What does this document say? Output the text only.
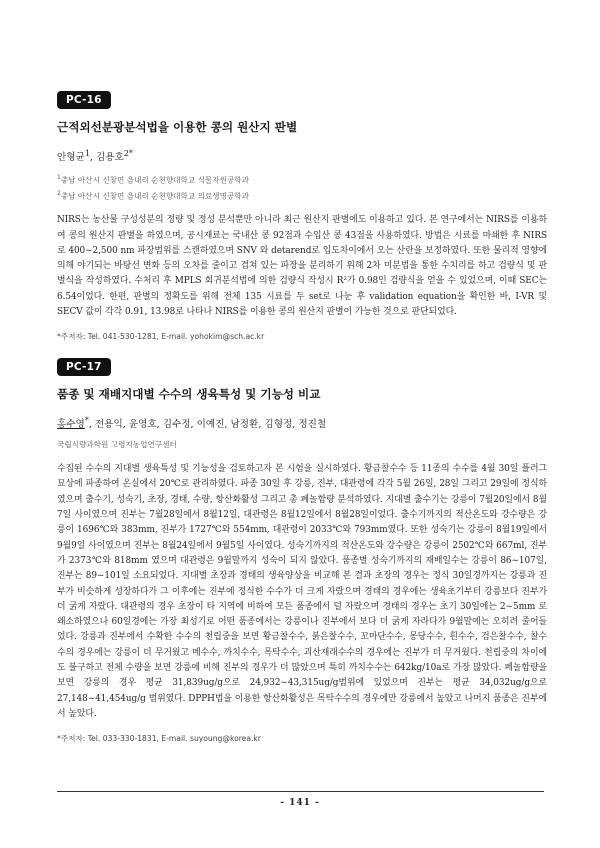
PC-16
근적외선분광분석법을 이용한 콩의 원산지 판별
안형균$^1$, 김용호$^{2*}$
$^1$충남 아산시 신창면 읍내리 순천향대학교 식물자원공학과
$^2$충남 아산시 신창면 읍내리 순천향대학교 의료생명공학과
NIRS는 농산물 구성성분의 정량 및 정성 분석뿐만 아니라 최근 원산지 판별에도 이용하고 있다. 본 연구에서는 NIRS를 이용하여 콩의 원산지 판별을 하였으며, 공시재료는 국내산 콩 92점과 수입산 콩 43점을 사용하였다. 방법은 시료를 마쇄한 후 NIRS로 400∼2,500 nm 파장범위를 스캔하였으며 SNV 와 detarend로 입도차이에서 오는 산란을 보정하였다. 또한 물리적 영향에 의해 야기되는 바탕선 변화 등의 오차를 줄이고 겹쳐 있는 파장을 분리하기 위해 2차 미분법을 통한 수치리를 하고 검량식 및 판별식을 작성하였다. 수처리 후 MPLS 회귀분석법에 의한 검량식 작성시 R²가 0.98인 검량식을 얻을 수 있었으며, 이때 SEC는 6.54이었다. 한편, 판별의 정확도를 위해 전체 135 시료를 두 set로 나눈 후 validation equation을 확인한 바, I-VR 및 SECV 값이 각각 0.91, 13.98로 나타나 NIRS를 이용한 콩의 원산지 판별이 가능한 것으로 판단되었다.
*주저자: Tel. 041-530-1281, E-mail. yohokim@sch.ac.kr
PC-17
품종 및 재배지대별 수수의 생육특성 및 기능성 비교
홍수영*, 전용익, 윤영호, 김수정, 이예진, 남정환, 김형정, 정진철
국립식량과학원 고령지농업연구센터
수집된 수수의 지대별 생육특성 및 기능성을 검토하고자 본 시험을 실시하였다. 황금찰수수 등 11종의 수수를 4월 30일 플러그묘상에 파종하여 온실에서 20℃로 관리하였다. 파종 30일 후 강릉, 진부, 대관령에 각각 5월 26일, 28일 그리고 29일에 정식하였으며 출수기, 성숙기, 초장, 경태, 수량, 항산화활성 그리고 총 폐놀함량 분석하였다. 지대별 출수기는 강릉이 7월20일에서 8월7일 사이였으며 진부는 7월28일에서 8월12일, 대관령은 8월12일에서 8월28일이었다. 출수기까지의 적산온도와 강수량은 강릉이 1696℃와 383mm, 진부가 1727℃와 554mm, 대관령이 2033℃와 793mm였다. 또한 성숙기는 강릉이 8월19일에서 9월9일 사이였으며 진부는 8월24일에서 9월5일 사이였다. 성숙기까지의 적산온도와 강수량은 강릉이 2502℃와 667ml, 진부가 2373℃와 818mm 였으며 대관령은 9월말까지 성숙이 되지 않았다. 품종별 성숙기까지의 재배일수는 강릉이 86∼107일, 진부는 89∼101일 소요되었다. 지대별 초장과 경태의 생육양상을 비교해 본 결과 초장의 경우는 정식 30일경까지는 강릉과 진부가 비슷하게 성장하다가 그 이후에는 진부에 정식한 수수가 더 크게 자랐으며 경태의 경우에는 생육초기부터 강릉보다 진부가 더 굵게 자랐다. 대관령의 경우 초장이 타 지역에 비하여 모든 품종에서 덜 자랐으며 경태의 경우는 초기 30일에는 2∼5mm 로 왜소하였으나 60일경에는 가장 최성기로 어떤 품종에서는 강릉이나 진부에서 보다 더 굵게 자라다가 9월말에는 오히려 줄어들었다. 강릉과 진부에서 수확한 수수의 천립중을 보면 황금찰수수, 붉은찰수수, 꼬마단수수, 몽당수수, 흰수수, 검은찰수수, 찰수수의 경우에는 강릉이 더 무거웠고 메수수, 까치수수, 목탁수수, 괴산재래수수의 경우에는 진부가 더 무거웠다. 천립중의 차이에도 불구하고 전체 수량을 보면 강릉에 비해 진부의 경우가 더 많았으며 특히 까치수수는 642kg/10a로 가장 많았다. 페놀함량을 보면 강릉의 경우 평균 31,839ug/g으로 24,932∼43,315ug/g범위에 있었으며 진부는 평균 34,032ug/g으로 27,148∼41,454ug/g 범위였다. DPPH법을 이용한 항산화활성은 목탁수수의 경우에만 강릉에서 높았고 나머지 품종은 진부에서 높았다.
*주저자: Tel. 033-330-1831, E-mail. suyoung@korea.kr
- 141 -
